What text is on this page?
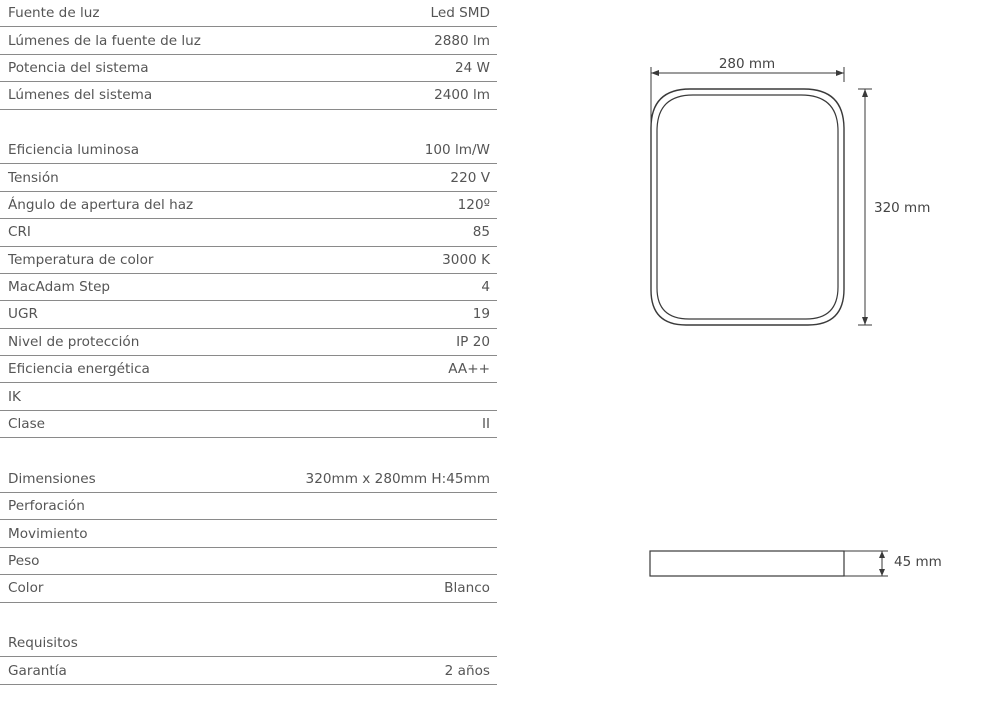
Fuente de luz	Led SMD
Lúmenes de la fuente de luz	2880 lm
Potencia del sistema	24 W
Lúmenes del sistema	2400 lm
Eficiencia luminosa	100 lm/W
Tensión	220 V
Ángulo de apertura del haz	120º
CRI	85
Temperatura de color	3000 K
MacAdam Step	4
UGR	19
Nivel de protección	IP 20
Eficiencia energética	AA++
IK
Clase	II
Dimensiones	320mm x 280mm H:45mm
Perforación
Movimiento
Peso
Color	Blanco
Requisitos
Garantía	2 años
280 mm
320 mm
45 mm
